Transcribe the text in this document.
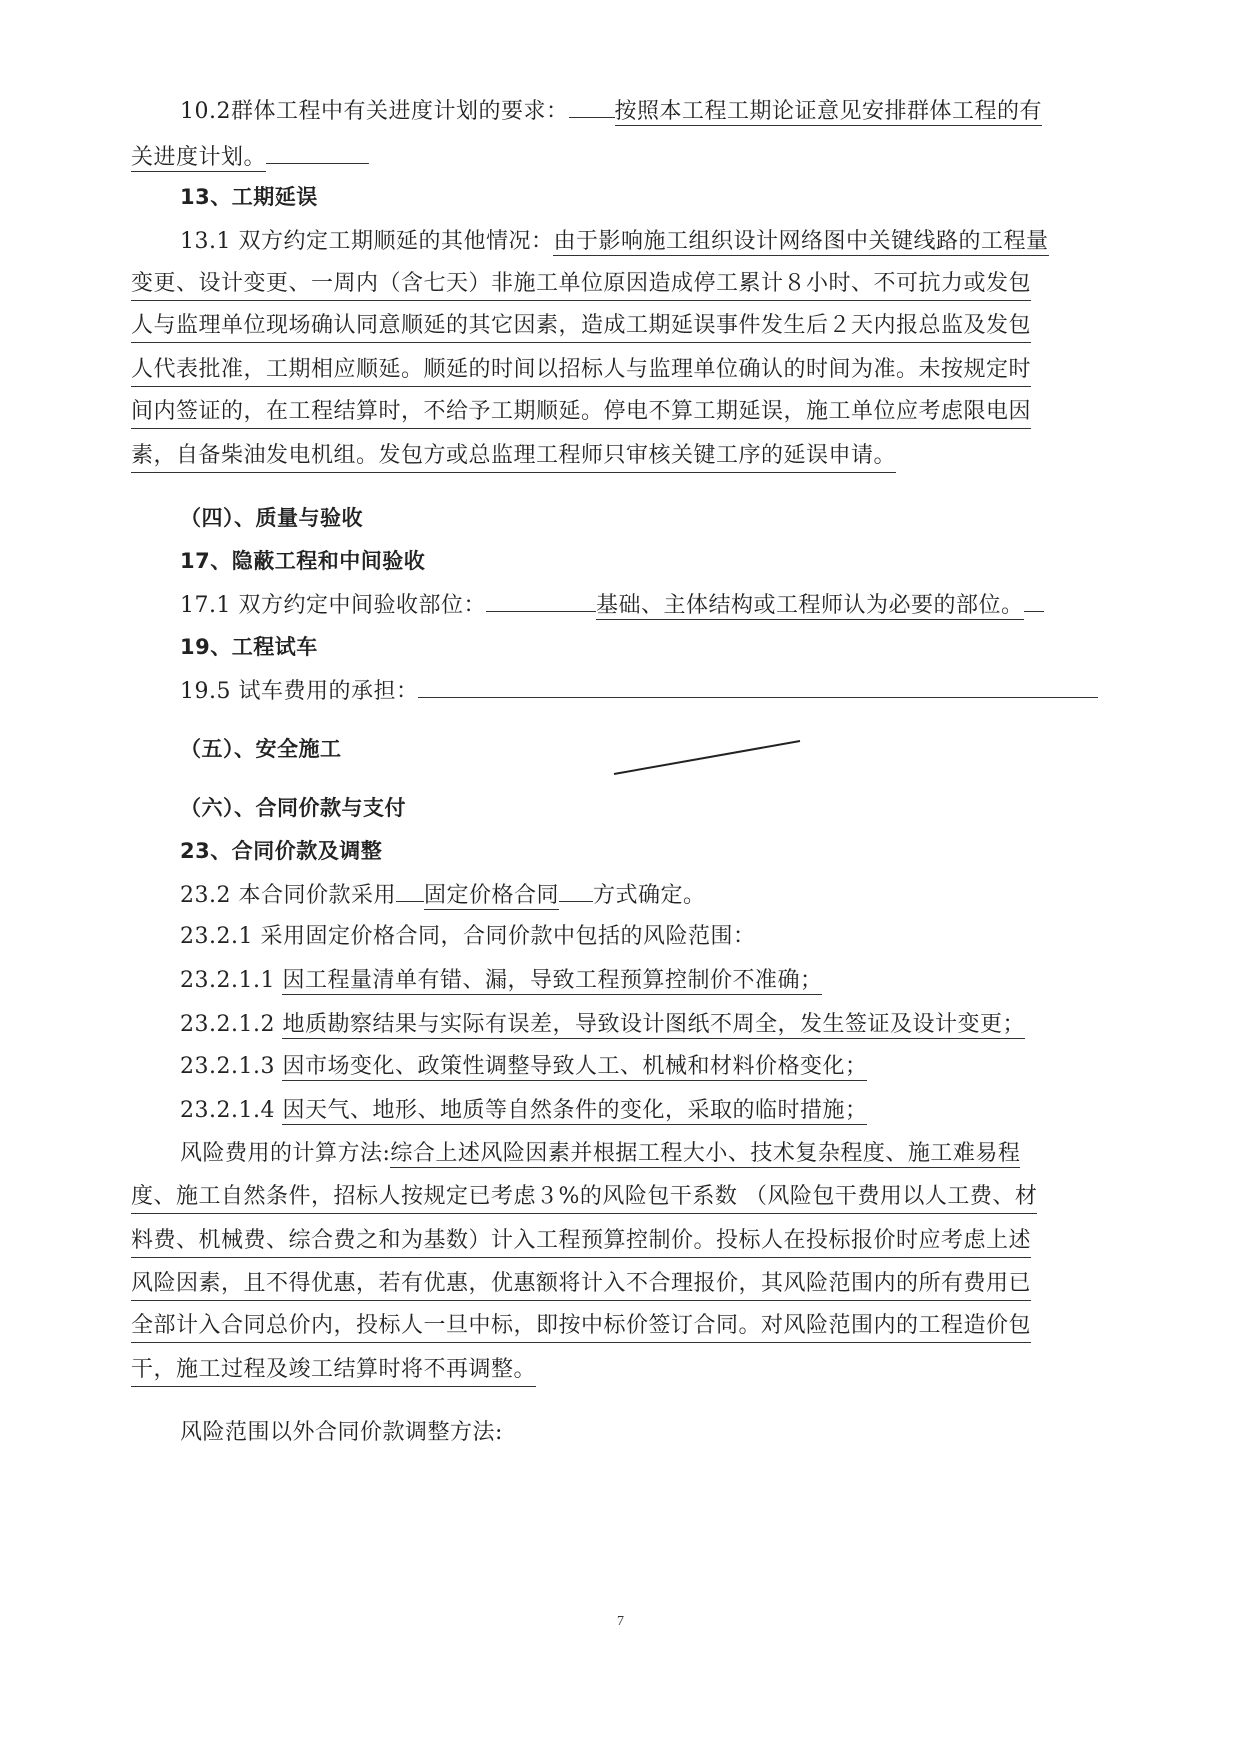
10.2群体工程中有关进度计划的要求： 按照本工程工期论证意见安排群体工程的有
关进度计划。
13、工期延误
13.1 双方约定工期顺延的其他情况：由于影响施工组织设计网络图中关键线路的工程量
变更、设计变更、一周内（含七天）非施工单位原因造成停工累计８小时、不可抗力或发包
人与监理单位现场确认同意顺延的其它因素，造成工期延误事件发生后２天内报总监及发包
人代表批准，工期相应顺延。顺延的时间以招标人与监理单位确认的时间为准。未按规定时
间内签证的，在工程结算时，不给予工期顺延。停电不算工期延误，施工单位应考虑限电因
素，自备柴油发电机组。发包方或总监理工程师只审核关键工序的延误申请。
（四）、质量与验收
17、隐蔽工程和中间验收
17.1 双方约定中间验收部位：	基础、主体结构或工程师认为必要的部位。
19、工程试车
19.5 试车费用的承担：
（五）、安全施工
（六）、合同价款与支付
23、合同价款及调整
23.2 本合同价款采用 固定价格合同 方式确定。
23.2.1 采用固定价格合同，合同价款中包括的风险范围：
23.2.1.1 因工程量清单有错、漏，导致工程预算控制价不准确；
23.2.1.2 地质勘察结果与实际有误差，导致设计图纸不周全，发生签证及设计变更；
23.2.1.3 因市场变化、政策性调整导致人工、机械和材料价格变化；
23.2.1.4 因天气、地形、地质等自然条件的变化，采取的临时措施；
风险费用的计算方法:综合上述风险因素并根据工程大小、技术复杂程度、施工难易程
度、施工自然条件，招标人按规定已考虑３%的风险包干系数 （风险包干费用以人工费、材
料费、机械费、综合费之和为基数）计入工程预算控制价。投标人在投标报价时应考虑上述
风险因素，且不得优惠，若有优惠，优惠额将计入不合理报价，其风险范围内的所有费用已
全部计入合同总价内，投标人一旦中标，即按中标价签订合同。对风险范围内的工程造价包
干，施工过程及竣工结算时将不再调整。
风险范围以外合同价款调整方法:
7
